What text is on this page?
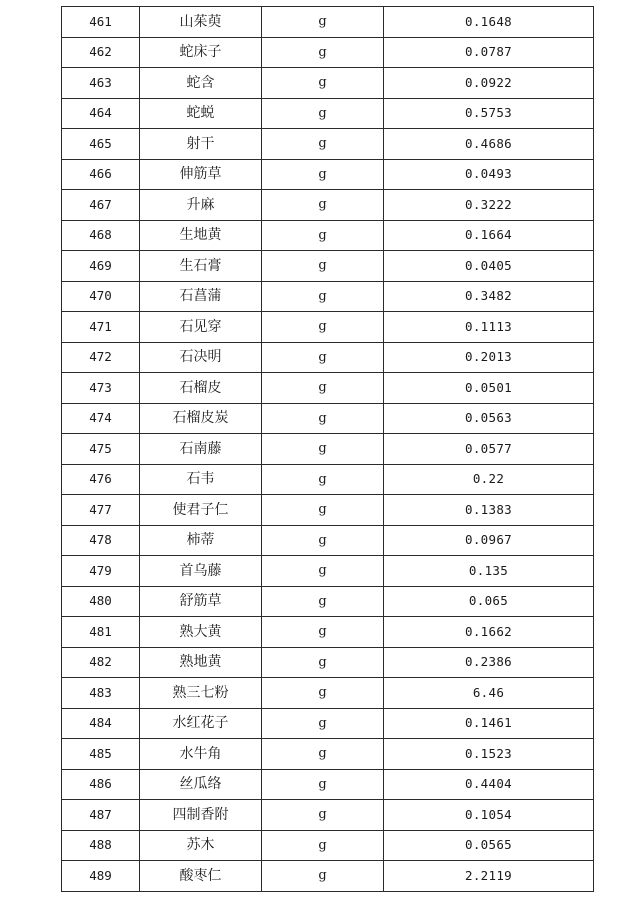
461	山茱萸	g	0.1648
462	蛇床子	g	0.0787
463	蛇含	g	0.0922
464	蛇蜕	g	0.5753
465	射干	g	0.4686
466	伸筋草	g	0.0493
467	升麻	g	0.3222
468	生地黄	g	0.1664
469	生石膏	g	0.0405
470	石菖蒲	g	0.3482
471	石见穿	g	0.1113
472	石决明	g	0.2013
473	石榴皮	g	0.0501
474	石榴皮炭	g	0.0563
475	石南藤	g	0.0577
476	石韦	g	0.22
477	使君子仁	g	0.1383
478	柿蒂	g	0.0967
479	首乌藤	g	0.135
480	舒筋草	g	0.065
481	熟大黄	g	0.1662
482	熟地黄	g	0.2386
483	熟三七粉	g	6.46
484	水红花子	g	0.1461
485	水牛角	g	0.1523
486	丝瓜络	g	0.4404
487	四制香附	g	0.1054
488	苏木	g	0.0565
489	酸枣仁	g	2.2119
